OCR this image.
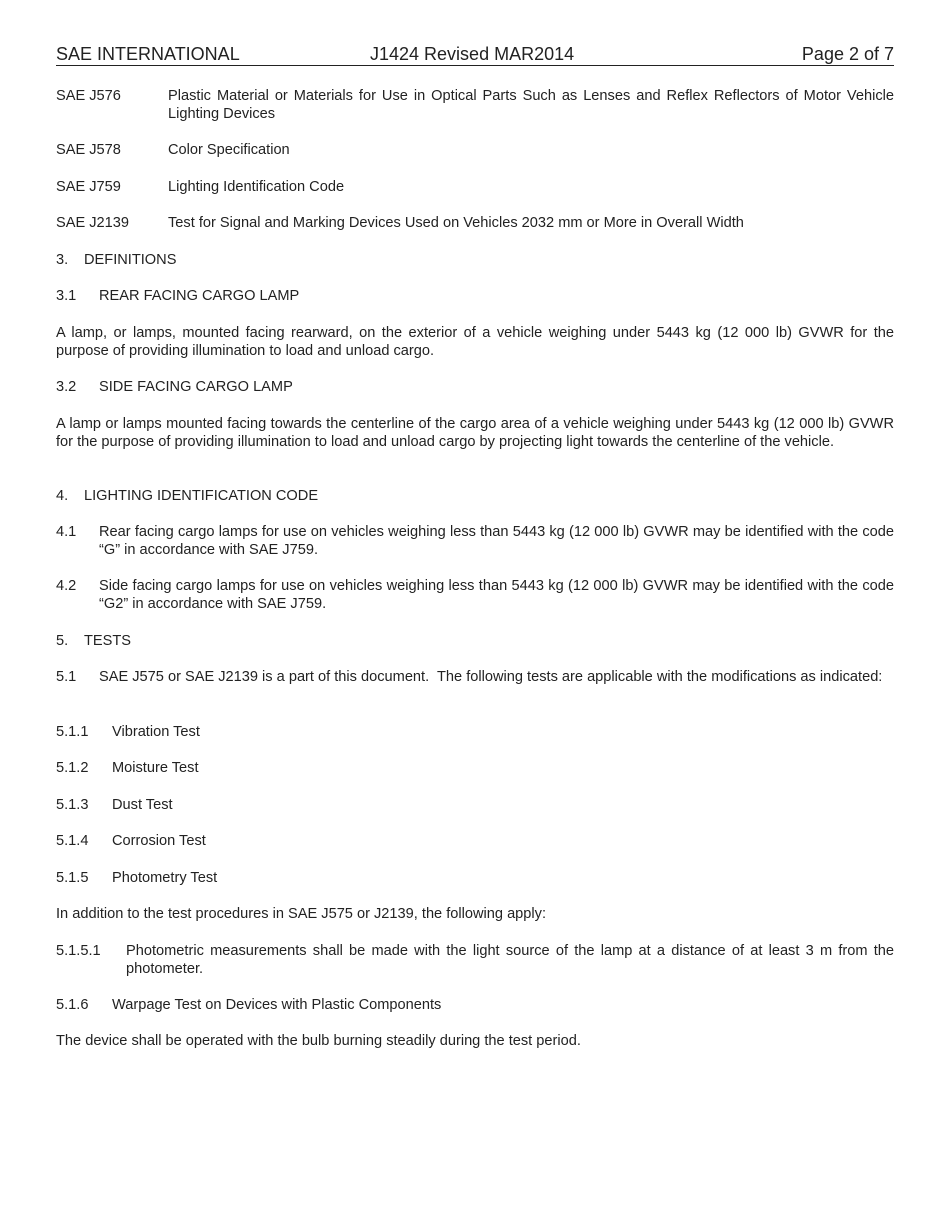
SAE INTERNATIONAL	J1424 Revised MAR2014	Page 2 of 7
SAE J576	Plastic Material or Materials for Use in Optical Parts Such as Lenses and Reflex Reflectors of Motor Vehicle Lighting Devices
SAE J578	Color Specification
SAE J759	Lighting Identification Code
SAE J2139	Test for Signal and Marking Devices Used on Vehicles 2032 mm or More in Overall Width
3. DEFINITIONS
3.1 REAR FACING CARGO LAMP
A lamp, or lamps, mounted facing rearward, on the exterior of a vehicle weighing under 5443 kg (12 000 lb) GVWR for the purpose of providing illumination to load and unload cargo.
3.2 SIDE FACING CARGO LAMP
A lamp or lamps mounted facing towards the centerline of the cargo area of a vehicle weighing under 5443 kg (12 000 lb) GVWR for the purpose of providing illumination to load and unload cargo by projecting light towards the centerline of the vehicle.
4. LIGHTING IDENTIFICATION CODE
4.1 Rear facing cargo lamps for use on vehicles weighing less than 5443 kg (12 000 lb) GVWR may be identified with the code “G” in accordance with SAE J759.
4.2 Side facing cargo lamps for use on vehicles weighing less than 5443 kg (12 000 lb) GVWR may be identified with the code “G2” in accordance with SAE J759.
5. TESTS
5.1 SAE J575 or SAE J2139 is a part of this document.  The following tests are applicable with the modifications as indicated:
5.1.1 Vibration Test
5.1.2 Moisture Test
5.1.3 Dust Test
5.1.4 Corrosion Test
5.1.5 Photometry Test
In addition to the test procedures in SAE J575 or J2139, the following apply:
5.1.5.1 Photometric measurements shall be made with the light source of the lamp at a distance of at least 3 m from the photometer.
5.1.6 Warpage Test on Devices with Plastic Components
The device shall be operated with the bulb burning steadily during the test period.
